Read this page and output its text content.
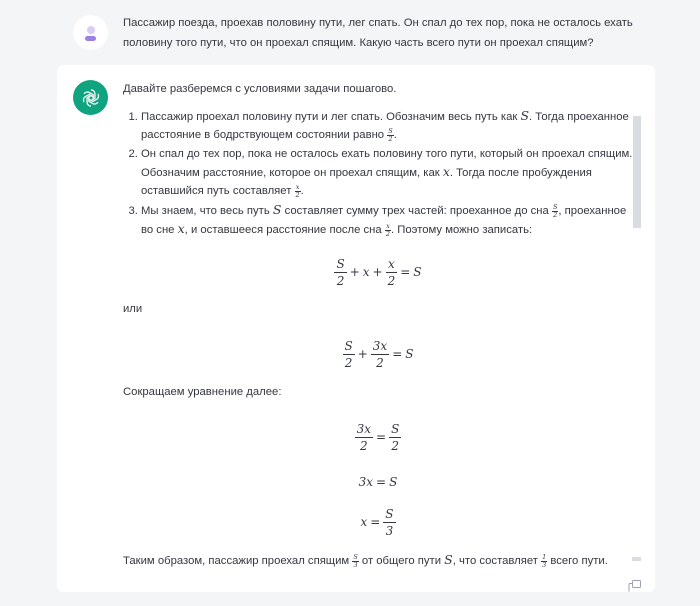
Пассажир поезда, проехав половину пути, лег спать. Он спал до тех пор, пока не осталось ехать половину того пути, что он проехал спящим. Какую часть всего пути он проехал спящим?

Давайте разберемся с условиями задачи пошагово.

1. Пассажир проехал половину пути и лег спать. Обозначим весь путь как S. Тогда проеханное расстояние в бодрствующем состоянии равно $\frac{S}{2}$ .
2. Он спал до тех пор, пока не осталось ехать половину того пути, который он проехал спящим. Обозначим расстояние, которое он проехал спящим, как x. Тогда после пробуждения оставшийся путь составляет $\frac{x}{2}$ .
3. Мы знаем, что весь путь S составляет сумму трех частей: проеханное до сна $\frac{S}{2}$ , проеханное во сне x, и оставшееся расстояние после сна $\frac{x}{2}$ . Поэтому можно записать:
$\frac{S}{2} + x + \frac{x}{2} = S$
или
$\frac{S}{2} + \frac{3x}{2} = S$
Сокращаем уравнение далее:
$\frac{3x}{2} = \frac{S}{2}$
3x = S
$x = \frac{S}{3}$
Таким образом, пассажир проехал спящим $\frac{S}{3}$ от общего пути S, что составляет $\frac{1}{3}$ всего пути.
